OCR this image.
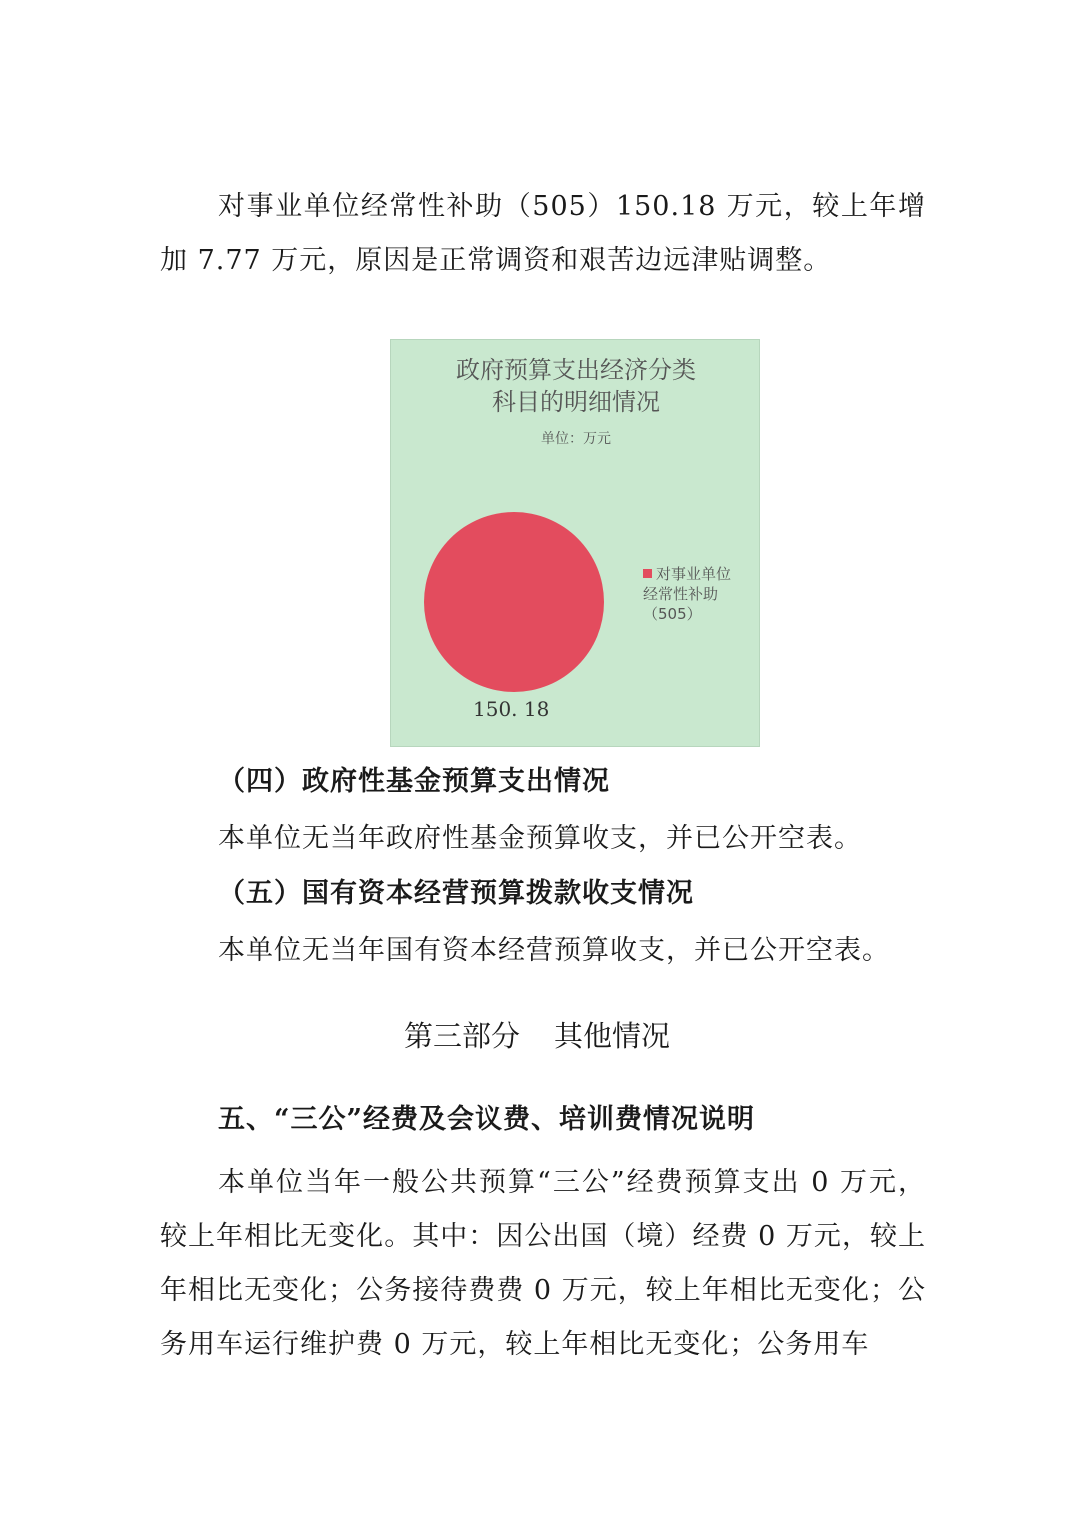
对事业单位经常性补助（505）150.18 万元，较上年增加 7.77 万元，原因是正常调资和艰苦边远津贴调整。

政府预算支出经济分类
科目的明细情况

单位：万元
对事业单位
经常性补助
（505）
150. 18

（四）政府性基金预算支出情况

本单位无当年政府性基金预算收支，并已公开空表。

（五）国有资本经营预算拨款收支情况

本单位无当年国有资本经营预算收支，并已公开空表。

第三部分 其他情况

五、“三公”经费及会议费、培训费情况说明

本单位当年一般公共预算“三公”经费预算支出 0 万元，较上年相比无变化。其中：因公出国（境）经费 0 万元，较上年相比无变化；公务接待费费 0 万元，较上年相比无变化；公务用车运行维护费 0 万元，较上年相比无变化；公务用车
